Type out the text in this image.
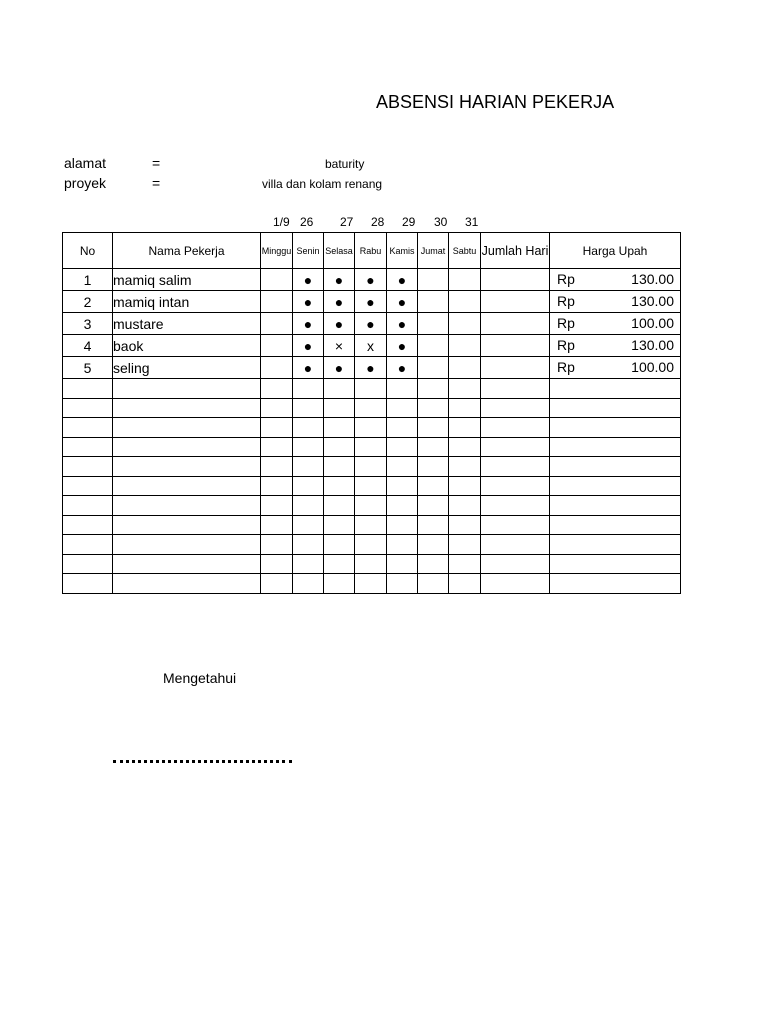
ABSENSI HARIAN PEKERJA
alamat	=	baturity
proyek	=	villa dan kolam renang
1/9 26 27 28 29 30 31
No	Nama Pekerja	Minggu	Senin	Selasa	Rabu	Kamis	Jumat	Sabtu	Jumlah Hari	Harga Upah
1	mamiq salim		●	●	●	●				Rp 130.00

2	mamiq intan		●	●	●	●				Rp 130.00

3	mustare		●	●	●	●				Rp 100.00

4	baok		●	×	x	●				Rp 130.00

5	seling		●	●	●	●				Rp 100.00

Mengetahui
